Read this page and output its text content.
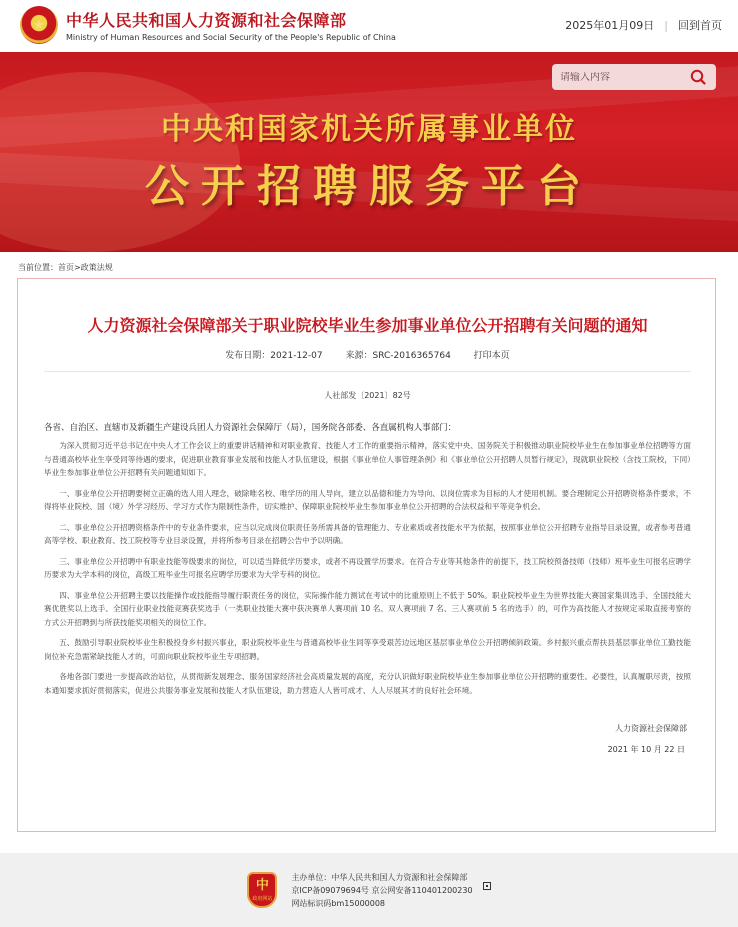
★ 中华人民共和国人力资源和社会保障部
Ministry of Human Resources and Social Security of the People's Republic of China
2025年01月09日 | 回到首页
请输入内容
中央和国家机关所属事业单位
公开招聘服务平台
当前位置：首页>政策法规
人力资源社会保障部关于职业院校毕业生参加事业单位公开招聘有关问题的通知
发布日期：2021-12-07	来源：SRC-2016365764	打印本页
人社部发〔2021〕82号
各省、自治区、直辖市及新疆生产建设兵团人力资源社会保障厅（局），国务院各部委、各直属机构人事部门：

为深入贯彻习近平总书记在中央人才工作会议上的重要讲话精神和对职业教育、技能人才工作的重要指示精神，落实党中央、国务院关于积极推动职业院校毕业生在参加事业单位招聘等方面与普通高校毕业生享受同等待遇的要求，促进职业教育事业发展和技能人才队伍建设，根据《事业单位人事管理条例》和《事业单位公开招聘人员暂行规定》，现就职业院校（含技工院校，下同）毕业生参加事业单位公开招聘有关问题通知如下。

一、事业单位公开招聘要树立正确的选人用人理念，破除唯名校、唯学历的用人导向，建立以品德和能力为导向、以岗位需求为目标的人才使用机制。要合理制定公开招聘资格条件要求，不得将毕业院校、国（境）外学习经历、学习方式作为限制性条件，切实维护、保障职业院校毕业生参加事业单位公开招聘的合法权益和平等竞争机会。

二、事业单位公开招聘资格条件中的专业条件要求，应当以完成岗位职责任务所需具备的管理能力、专业素质或者技能水平为依据，按照事业单位公开招聘专业指导目录设置，或者参考普通高等学校、职业教育、技工院校等专业目录设置，并将所参考目录在招聘公告中予以明确。

三、事业单位公开招聘中有职业技能等级要求的岗位，可以适当降低学历要求，或者不再设置学历要求。在符合专业等其他条件的前提下，技工院校预备技师（技师）班毕业生可报名应聘学历要求为大学本科的岗位，高级工班毕业生可报名应聘学历要求为大学专科的岗位。

四、事业单位公开招聘主要以技能操作或技能指导履行职责任务的岗位，实际操作能力测试在考试中的比重原则上不低于 50%。职业院校毕业生为世界技能大赛国家集训选手、全国技能大赛优胜奖以上选手、全国行业职业技能竞赛获奖选手（一类职业技能大赛中获决赛单人赛项前 10 名、双人赛项前 7 名、三人赛项前 5 名的选手）的，可作为高技能人才按规定采取直接考察的方式公开招聘到与所获技能奖项相关的岗位工作。

五、鼓励引导职业院校毕业生积极投身乡村振兴事业，职业院校毕业生与普通高校毕业生同等享受艰苦边远地区基层事业单位公开招聘倾斜政策。乡村振兴重点帮扶县基层事业单位工勤技能岗位补充急需紧缺技能人才的，可面向职业院校毕业生专项招聘。

各地各部门要进一步提高政治站位，从贯彻新发展理念、服务国家经济社会高质量发展的高度，充分认识做好职业院校毕业生参加事业单位公开招聘的重要性、必要性，认真履职尽责，按照本通知要求抓好贯彻落实，促进公共服务事业发展和技能人才队伍建设，助力营造人人皆可成才、人人尽展其才的良好社会环境。

人力资源社会保障部
2021 年 10 月 22 日
中
政府网站
主办单位：中华人民共和国人力资源和社会保障部
京ICP备09079694号 京公网安备110401200230
网站标识码bm15000008
